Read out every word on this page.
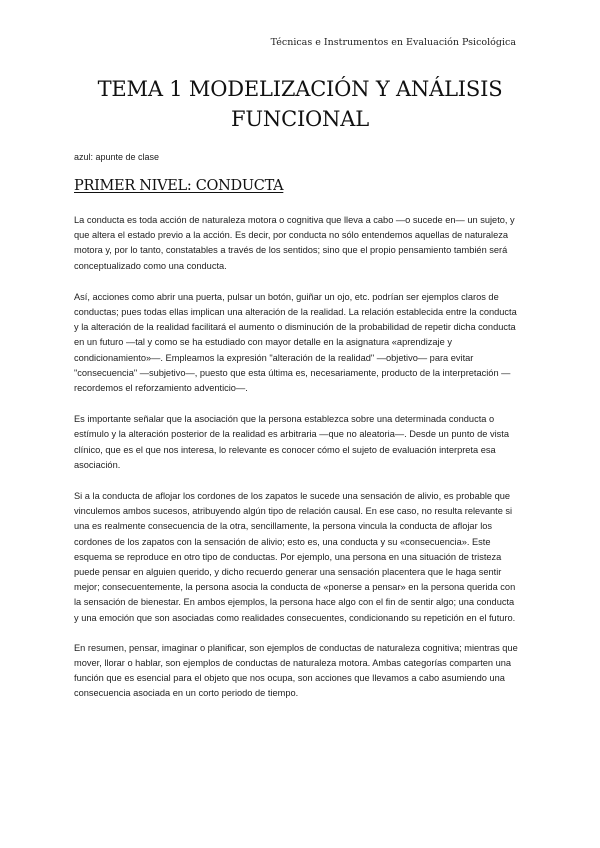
Técnicas e Instrumentos en Evaluación Psicológica
TEMA 1 MODELIZACIÓN Y ANÁLISIS
FUNCIONAL
azul: apunte de clase
PRIMER NIVEL: CONDUCTA

La conducta es toda acción de naturaleza motora o cognitiva que lleva a cabo —o sucede en— un sujeto, y que altera el estado previo a la acción. Es decir, por conducta no sólo entendemos aquellas de naturaleza motora y, por lo tanto, constatables a través de los sentidos; sino que el propio pensamiento también será conceptualizado como una conducta.

Así, acciones como abrir una puerta, pulsar un botón, guiñar un ojo, etc. podrían ser ejemplos claros de conductas; pues todas ellas implican una alteración de la realidad. La relación establecida entre la conducta y la alteración de la realidad facilitará el aumento o disminución de la probabilidad de repetir dicha conducta en un futuro —tal y como se ha estudiado con mayor detalle en la asignatura «aprendizaje y condicionamiento»—. Empleamos la expresión "alteración de la realidad" —objetivo— para evitar "consecuencia" —subjetivo—, puesto que esta última es, necesariamente, producto de la interpretación —recordemos el reforzamiento adventicio—.

Es importante señalar que la asociación que la persona establezca sobre una determinada conducta o estímulo y la alteración posterior de la realidad es arbitraria —que no aleatoria—. Desde un punto de vista clínico, que es el que nos interesa, lo relevante es conocer cómo el sujeto de evaluación interpreta esa asociación.

Si a la conducta de aflojar los cordones de los zapatos le sucede una sensación de alivio, es probable que vinculemos ambos sucesos, atribuyendo algún tipo de relación causal. En ese caso, no resulta relevante si una es realmente consecuencia de la otra, sencillamente, la persona vincula la conducta de aflojar los cordones de los zapatos con la sensación de alivio; esto es, una conducta y su «consecuencia». Este esquema se reproduce en otro tipo de conductas. Por ejemplo, una persona en una situación de tristeza puede pensar en alguien querido, y dicho recuerdo generar una sensación placentera que le haga sentir mejor; consecuentemente, la persona asocia la conducta de «ponerse a pensar» en la persona querida con la sensación de bienestar. En ambos ejemplos, la persona hace algo con el fin de sentir algo; una conducta y una emoción que son asociadas como realidades consecuentes, condicionando su repetición en el futuro.

En resumen, pensar, imaginar o planificar, son ejemplos de conductas de naturaleza cognitiva; mientras que mover, llorar o hablar, son ejemplos de conductas de naturaleza motora. Ambas categorías comparten una función que es esencial para el objeto que nos ocupa, son acciones que llevamos a cabo asumiendo una consecuencia asociada en un corto periodo de tiempo.
